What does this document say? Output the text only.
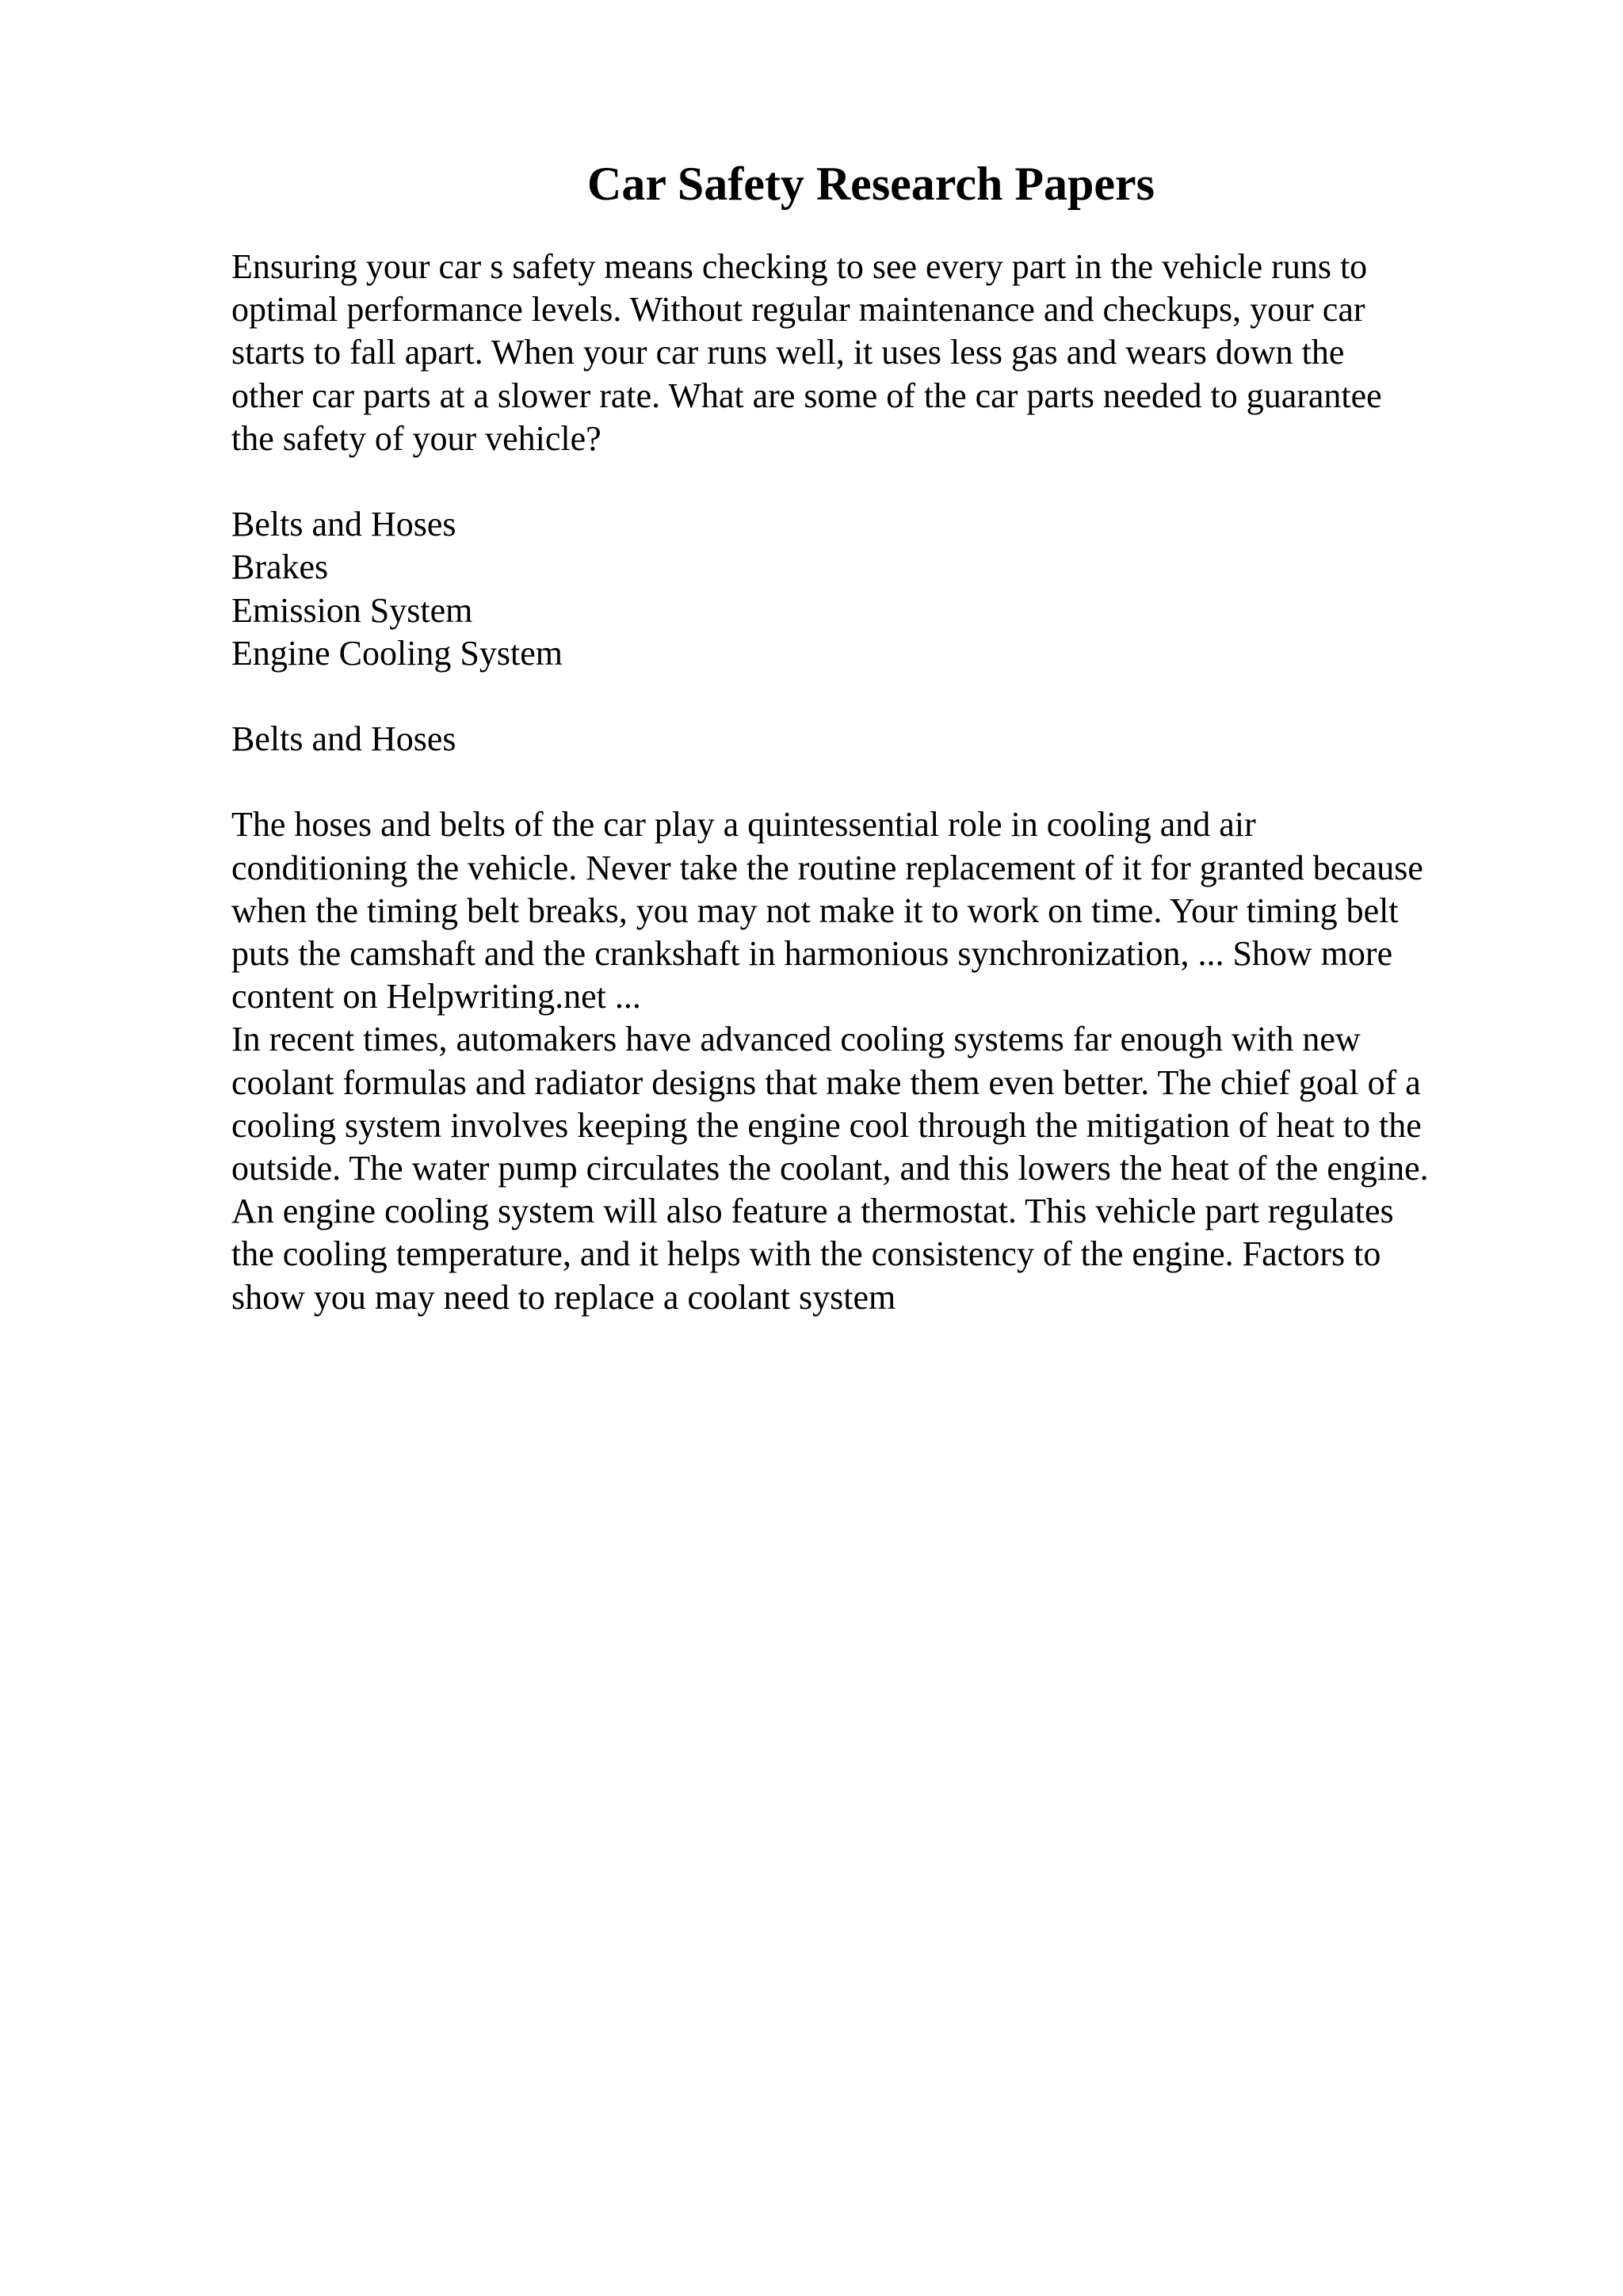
Car Safety Research Papers
Ensuring your car s safety means checking to see every part in the vehicle runs to
optimal performance levels. Without regular maintenance and checkups, your car
starts to fall apart. When your car runs well, it uses less gas and wears down the
other car parts at a slower rate. What are some of the car parts needed to guarantee
the safety of your vehicle?
Belts and Hoses
Brakes
Emission System
Engine Cooling System
Belts and Hoses
The hoses and belts of the car play a quintessential role in cooling and air
conditioning the vehicle. Never take the routine replacement of it for granted because
when the timing belt breaks, you may not make it to work on time. Your timing belt
puts the camshaft and the crankshaft in harmonious synchronization, ... Show more
content on Helpwriting.net ...
In recent times, automakers have advanced cooling systems far enough with new
coolant formulas and radiator designs that make them even better. The chief goal of a
cooling system involves keeping the engine cool through the mitigation of heat to the
outside. The water pump circulates the coolant, and this lowers the heat of the engine.
An engine cooling system will also feature a thermostat. This vehicle part regulates
the cooling temperature, and it helps with the consistency of the engine. Factors to
show you may need to replace a coolant system
